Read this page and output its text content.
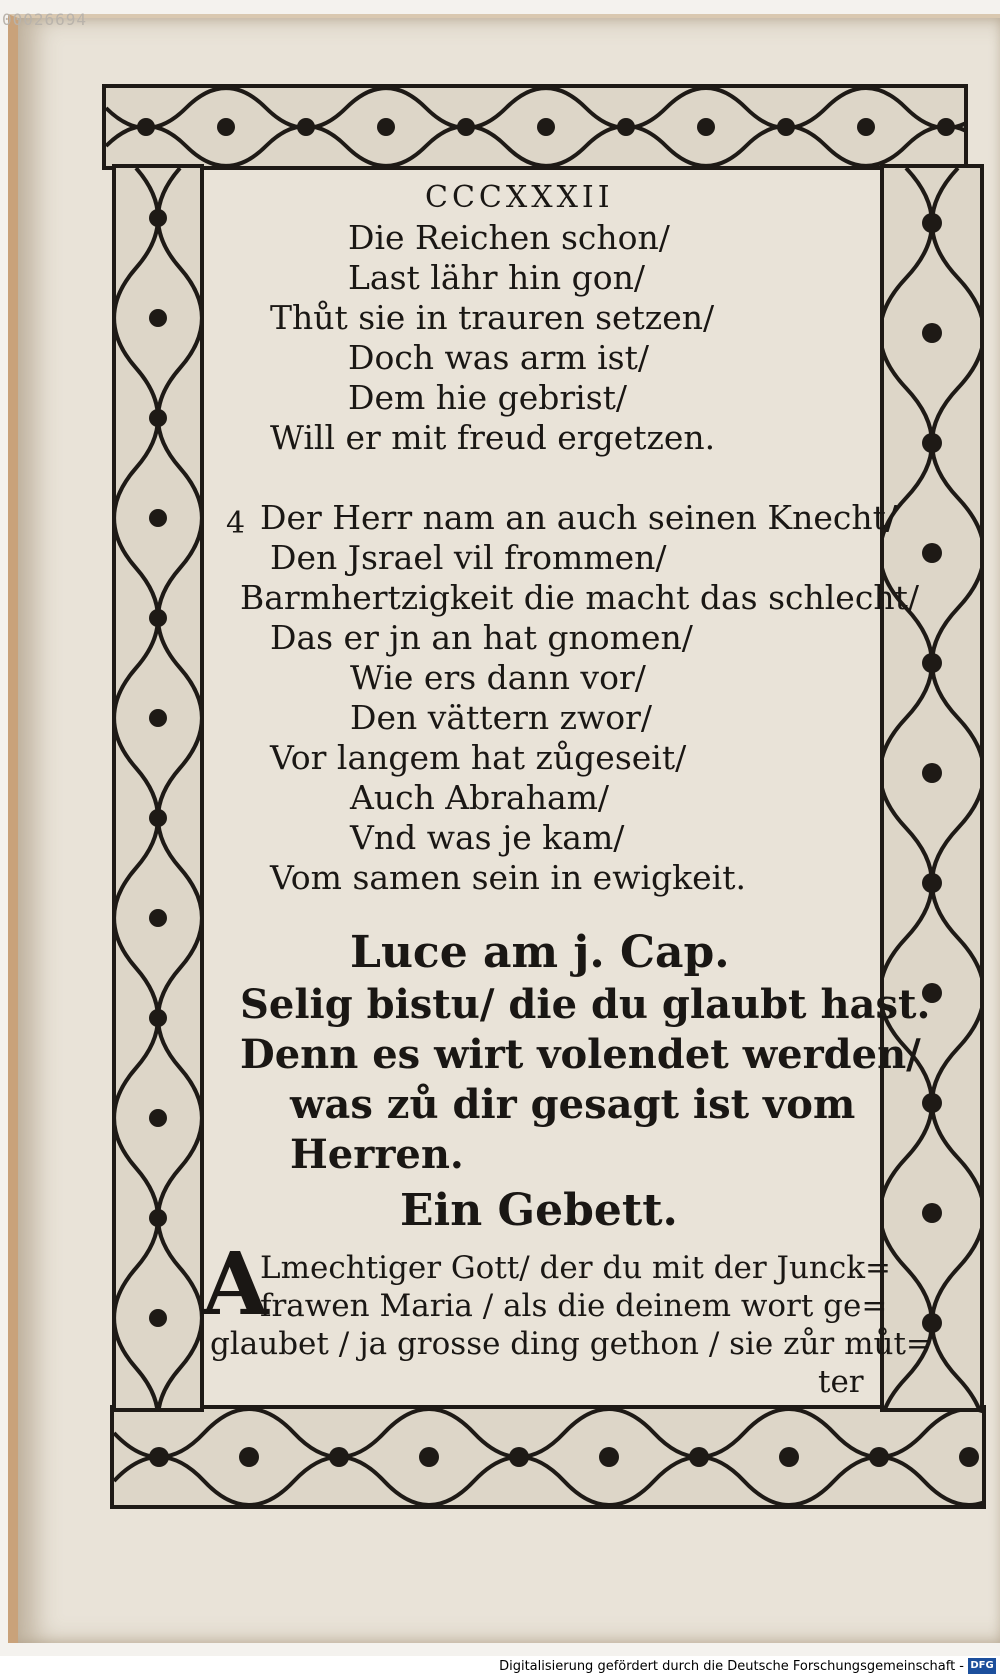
00026694
CCCXXXII
Die Reichen schon/
Last lähr hin gon/
Thůt sie in trauren setzen/
Doch was arm ist/
Dem hie gebrist/
Will er mit freud ergetzen.
4 Der Herr nam an auch seinen Knecht/
Den Jsrael vil frommen/
Barmhertzigkeit die macht das schlecht/
Das er jn an hat gnomen/
Wie ers dann vor/
Den vättern zwor/
Vor langem hat zůgeseit/
Auch Abraham/
Vnd was je kam/
Vom samen sein in ewigkeit.
Luce am j. Cap.
Selig bistu/ die du glaubt hast.
Denn es wirt volendet werden/
was zů dir gesagt ist vom
Herren.
Ein Gebett.
A
Lmechtiger Gott/ der du mit der Junck=
frawen Maria / als die deinem wort ge=
glaubet / ja grosse ding gethon / sie zůr můt=
ter
Digitalisierung gefördert durch die Deutsche Forschungsgemeinschaft - DFG
